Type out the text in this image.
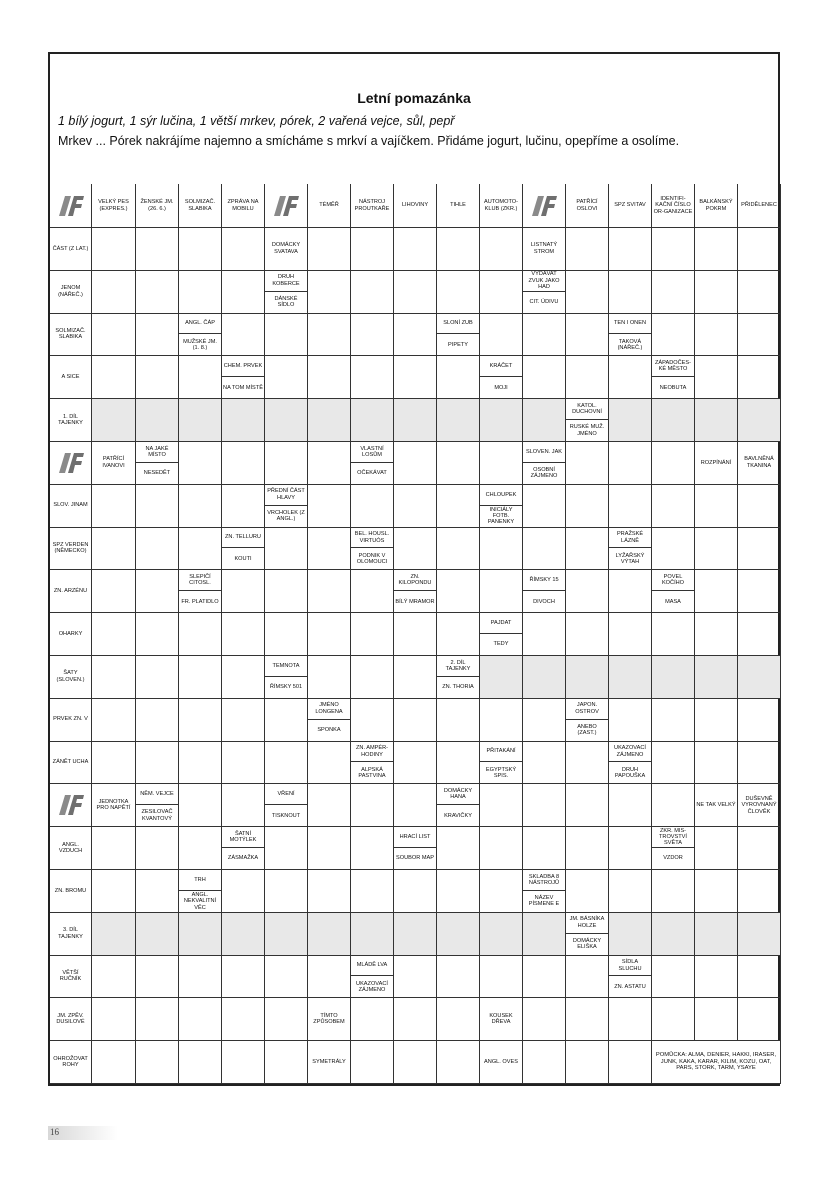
Letní pomazánka
1 bílý jogurt, 1 sýr lučina, 1 větší mrkev, pórek, 2 vařená vejce, sůl, pepř
Mrkev ... Pórek nakrájíme najemno a smícháme s mrkví a vajíčkem. Přidáme jogurt, lučinu, opepříme a osolíme.
VELKÝ PES (EXPRES.)
ŽENSKÉ JM. (26. 6.)
SOLMIZAČ. SLABIKA
ZPRÁVA NA MOBILU
TÉMĚŘ
NÁSTROJ PROUTKAŘE
LIHOVINY	TIHLE
AUTOMOTO-KLUB (ZKR.)
PATŘÍCÍ OSLOVI
SPZ SVITAV
IDENTIFI-KAČNÍ ČÍSLO OR-GANIZACE
BALKÁNSKÝ POKRM
PŘIDĚLENEC
ČÁST (Z LAT.)
DOMÁCKY SVATAVA
LISTNATÝ STROM
JENOM (NÁŘEČ.)
DRUH KOBERCE
DÁNSKÉ SÍDLO
VYDÁVAT ZVUK JAKO HAD
CIT. ÚDIVU
SOLMIZAČ. SLABIKA
ANGL. ČÁP
MUŽSKÉ JM. (1. 8.)
SLONÍ ZUB
PIPETY
TEN I ONEN
TAKOVÁ (NÁŘEČ.)
A SICE
CHEM. PRVEK
NA TOM MÍSTĚ
KRÁČET
MOJI
ZÁPADOČES-KÉ MĚSTO
NEOBUTA
1. DÍL TAJENKY
KATOL. DUCHOVNÍ
RUSKÉ MUŽ. JMÉNO
PATŘÍCÍ IVANOVI
NA JAKÉ MÍSTO
NESEDĚT
VLASTNÍ LOSŮM
OČEKÁVAT
SLOVEN. JAK
OSOBNÍ ZÁJMENO
ROZPÍNÁNÍ
BAVLNĚNÁ TKANINA
SLOV. JINAM
PŘEDNÍ ČÁST HLAVY
VRCHOLEK (Z ANGL.)
CHLOUPEK
INICIÁLY FOTB. PANENKY
SPZ VERDEN (NĚMECKO)
ZN. TELLURU
KOUTI
BEL. HOUSL. VIRTUÓS
PODNIK V OLOMOUCI
PRAŽSKÉ LÁZNĚ
LYŽAŘSKÝ VÝTAH
ZN. ARZÉNU
SLEPIČÍ CITOSL.
FR. PLATIDLO
ZN. KILOPONDU
BÍLÝ MRAMOR
ŘÍMSKY 15
DIVOCH
POVEL KOČÍHO
MASA
OHARKY
PAJDAT
TEDY
ŠATY (SLOVEN.)
TEMNOTA
ŘÍMSKY 501
2. DÍL TAJENKY
ZN. THORIA
PRVEK ZN. V
JMÉNO LONGENA
SPONKA
JAPON. OSTROV
ANEBO (ZAST.)
ZÁNĚT UCHA
ZN. AMPÉR-HODINY
ALPSKÁ PASTVINA
PŘITAKÁNÍ
EGYPTSKÝ SPIS.
UKAZOVACÍ ZÁJMENO
DRUH PAPOUŠKA
JEDNOTKA PRO NAPĚTÍ
NĚM. VEJCE
ZESILOVAČ KVANTOVÝ
VŘENÍ
TISKNOUT
DOMÁCKY HANA
KRAVIČKY
NE TAK VELKÝ
DUŠEVNĚ VYROVNANÝ ČLOVĚK
ANGL. VZDUCH
ŠATNÍ MOTÝLEK
ZÁSMAŽKA
HRACÍ LIST
SOUBOR MAP
ZKR. MIS-TROVSTVÍ SVĚTA
VZDOR
ZN. BROMU
TRH
ANGL. NEKVALITNÍ VĚC
SKLADBA 8 NÁSTROJŮ
NÁZEV PÍSMENE E
3. DÍL TAJENKY
JM. BÁSNÍKA HOLZE
DOMÁCKY ELIŠKA
VĚTŠÍ RUČNÍK
MLÁDĚ LVA
UKAZOVACÍ ZÁJMENO
SÍDLA SLUCHU
ZN. ASTATU
JM. ZPĚV. DUSILOVÉ
TÍMTO ZPŮSOBEM
KOUSEK DŘEVA
OHROŽOVAT ROHY
SYMETRÁLY	ANGL. OVES
POMŮCKA: ALMA, DENIER, HAKKI, IRASER, JUNK, KAKA, KARAR, KILIM, KOZU, OAT, PARS, STORK, TARM, YSAYE
16
